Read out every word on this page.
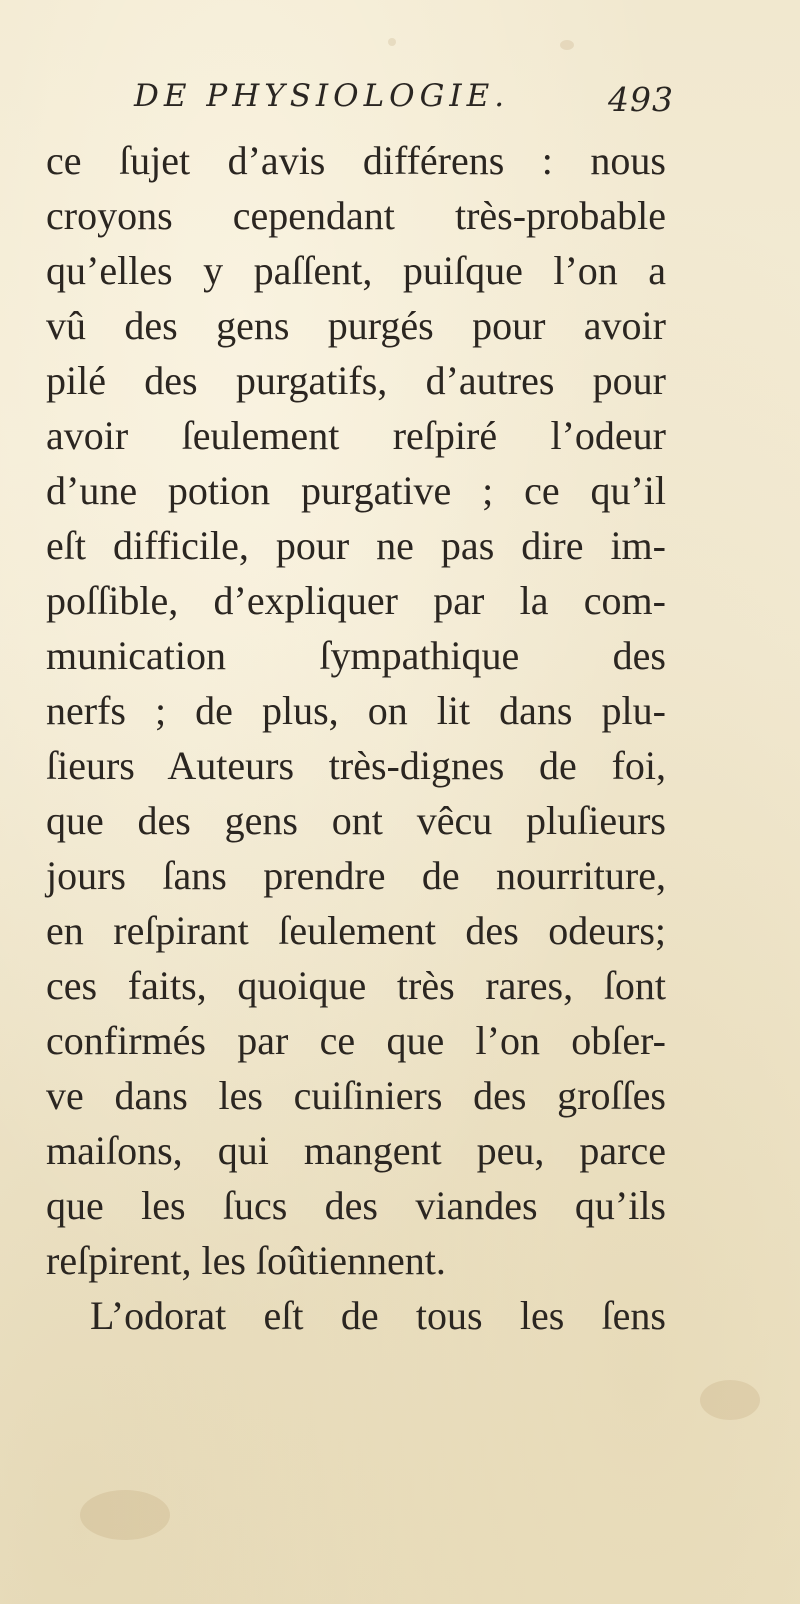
DE PHYSIOLOGIE.	493
ce ſujet d’avis différens : nous
croyons cependant très-probable
qu’elles y paſſent, puiſque l’on a
vû des gens purgés pour avoir
pilé des purgatifs, d’autres pour
avoir ſeulement reſpiré l’odeur
d’une potion purgative ; ce qu’il
eſt difficile, pour ne pas dire im-
poſſible, d’expliquer par la com-
munication ſympathique des
nerfs ; de plus, on lit dans plu-
ſieurs Auteurs très-dignes de foi,
que des gens ont vêcu pluſieurs
jours ſans prendre de nourriture,
en reſpirant ſeulement des odeurs;
ces faits, quoique très rares, ſont
confirmés par ce que l’on obſer-
ve dans les cuiſiniers des groſſes
maiſons, qui mangent peu, parce
que les ſucs des viandes qu’ils
reſpirent, les ſoûtiennent.
L’odorat eſt de tous les ſens
